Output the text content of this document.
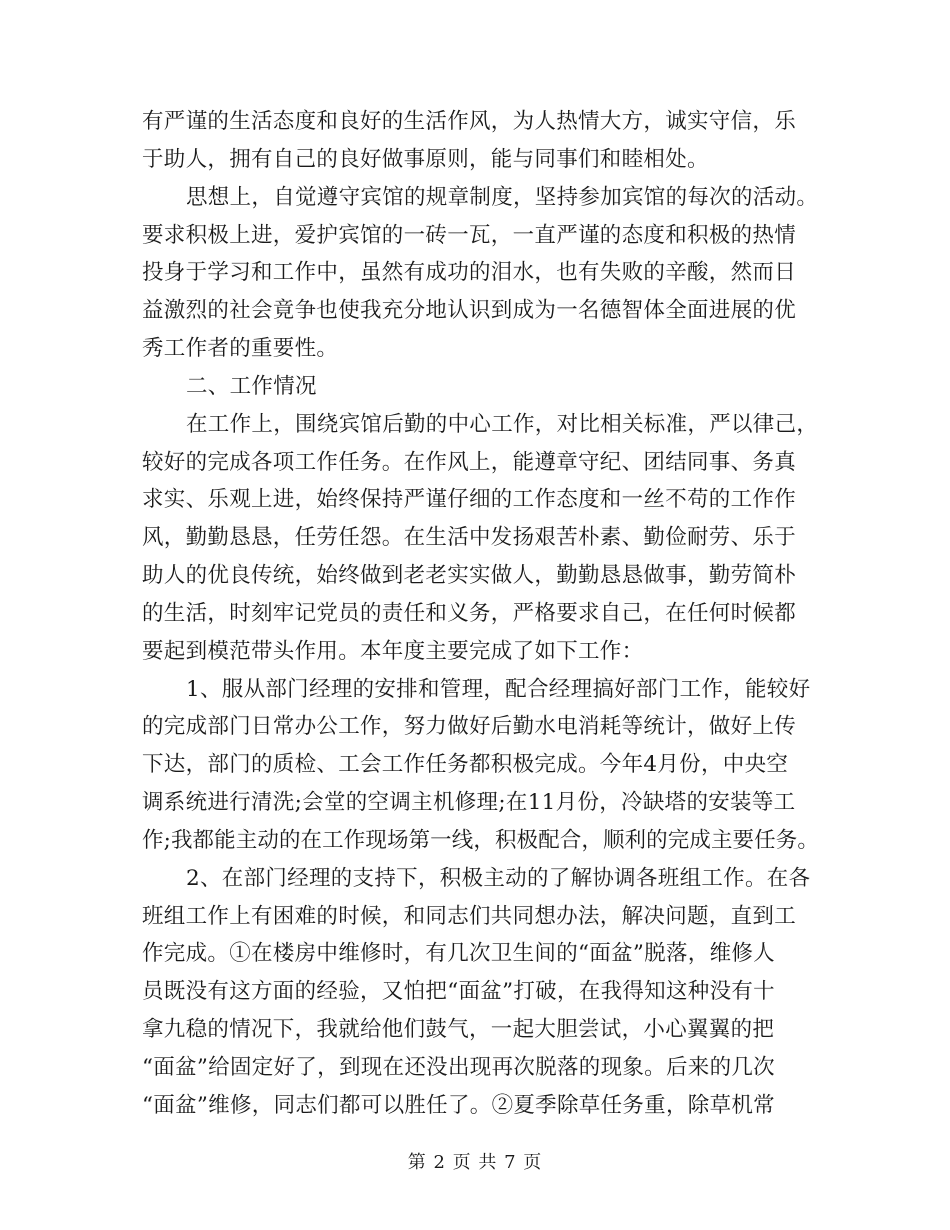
有严谨的生活态度和良好的生活作风，为人热情大方，诚实守信，乐
于助人，拥有自己的良好做事原则，能与同事们和睦相处。
思想上，自觉遵守宾馆的规章制度，坚持参加宾馆的每次的活动。
要求积极上进，爱护宾馆的一砖一瓦，一直严谨的态度和积极的热情
投身于学习和工作中，虽然有成功的泪水，也有失败的辛酸，然而日
益激烈的社会竟争也使我充分地认识到成为一名德智体全面进展的优
秀工作者的重要性。
二、工作情况
在工作上，围绕宾馆后勤的中心工作，对比相关标准，严以律己，
较好的完成各项工作任务。在作风上，能遵章守纪、团结同事、务真
求实、乐观上进，始终保持严谨仔细的工作态度和一丝不苟的工作作
风，勤勤恳恳，任劳任怨。在生活中发扬艰苦朴素、勤俭耐劳、乐于
助人的优良传统，始终做到老老实实做人，勤勤恳恳做事，勤劳简朴
的生活，时刻牢记党员的责任和义务，严格要求自己，在任何时候都
要起到模范带头作用。本年度主要完成了如下工作：
1、服从部门经理的安排和管理，配合经理搞好部门工作，能较好
的完成部门日常办公工作，努力做好后勤水电消耗等统计，做好上传
下达，部门的质检、工会工作任务都积极完成。今年4月份，中央空
调系统进行清洗;会堂的空调主机修理;在11月份，冷缺塔的安装等工
作;我都能主动的在工作现场第一线，积极配合，顺利的完成主要任务。
2、在部门经理的支持下，积极主动的了解协调各班组工作。在各
班组工作上有困难的时候，和同志们共同想办法，解决问题，直到工
作完成。①在楼房中维修时，有几次卫生间的“面盆”脱落，维修人
员既没有这方面的经验，又怕把“面盆”打破，在我得知这种没有十
拿九稳的情况下，我就给他们鼓气，一起大胆尝试，小心翼翼的把
“面盆”给固定好了，到现在还没出现再次脱落的现象。后来的几次
“面盆”维修，同志们都可以胜任了。②夏季除草任务重，除草机常
第 2 页 共 7 页
